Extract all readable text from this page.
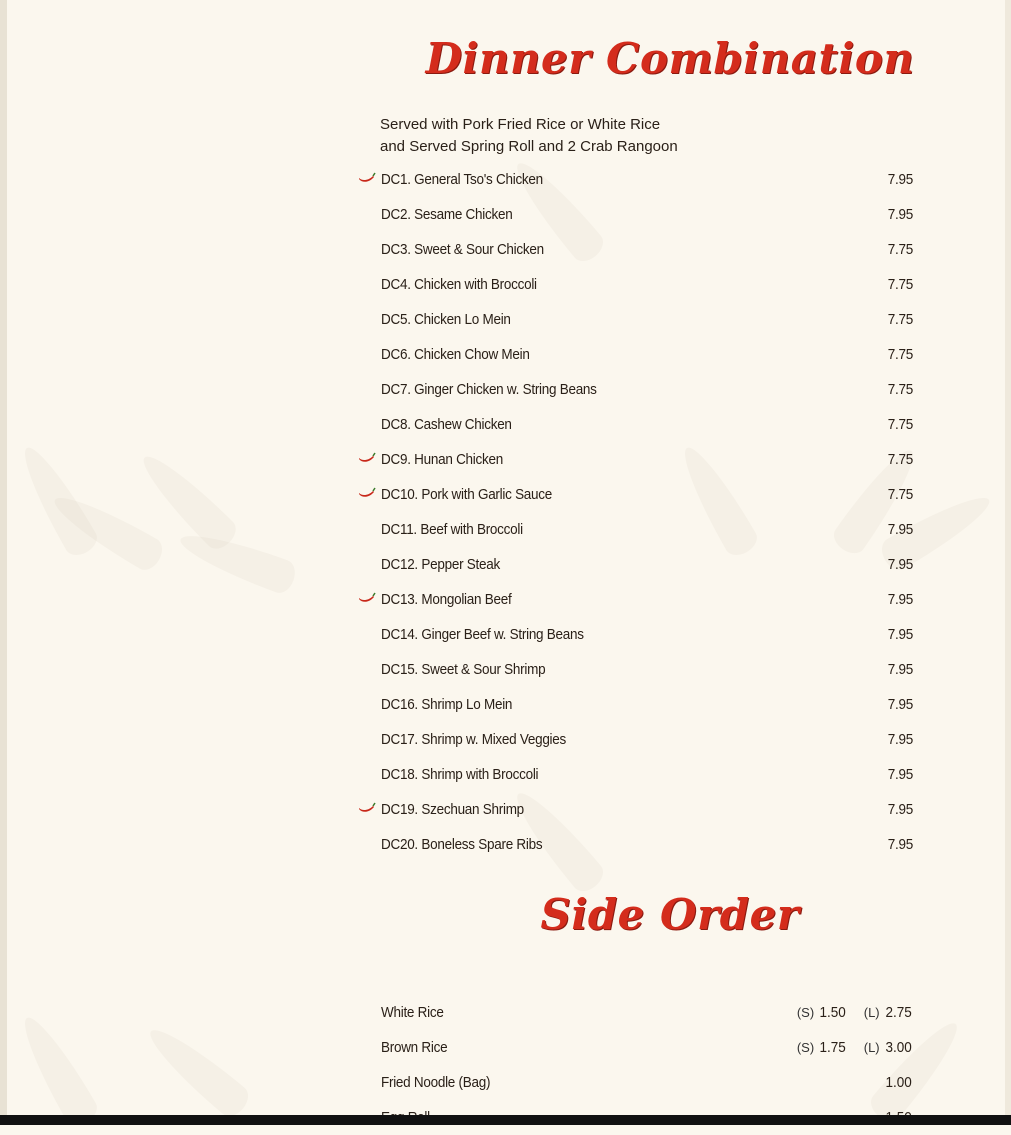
Dinner Combination
Served with Pork Fried Rice or White Rice
and Served Spring Roll and 2 Crab Rangoon
DC1. General Tso's Chicken	7.95
DC2. Sesame Chicken	7.95
DC3. Sweet & Sour Chicken	7.75
DC4. Chicken with Broccoli	7.75
DC5. Chicken Lo Mein	7.75
DC6. Chicken Chow Mein	7.75
DC7. Ginger Chicken w. String Beans	7.75
DC8. Cashew Chicken	7.75
DC9. Hunan Chicken	7.75
DC10. Pork with Garlic Sauce	7.75
DC11. Beef with Broccoli	7.95
DC12. Pepper Steak	7.95
DC13. Mongolian Beef	7.95
DC14. Ginger Beef w. String Beans	7.95
DC15. Sweet & Sour Shrimp	7.95
DC16. Shrimp Lo Mein	7.95
DC17. Shrimp w. Mixed Veggies	7.95
DC18. Shrimp with Broccoli	7.95
DC19. Szechuan Shrimp	7.95
DC20. Boneless Spare Ribs	7.95
Side Order
White Rice	(S) 1.50 (L) 2.75
Brown Rice	(S) 1.75 (L) 3.00
Fried Noodle (Bag)	1.00
